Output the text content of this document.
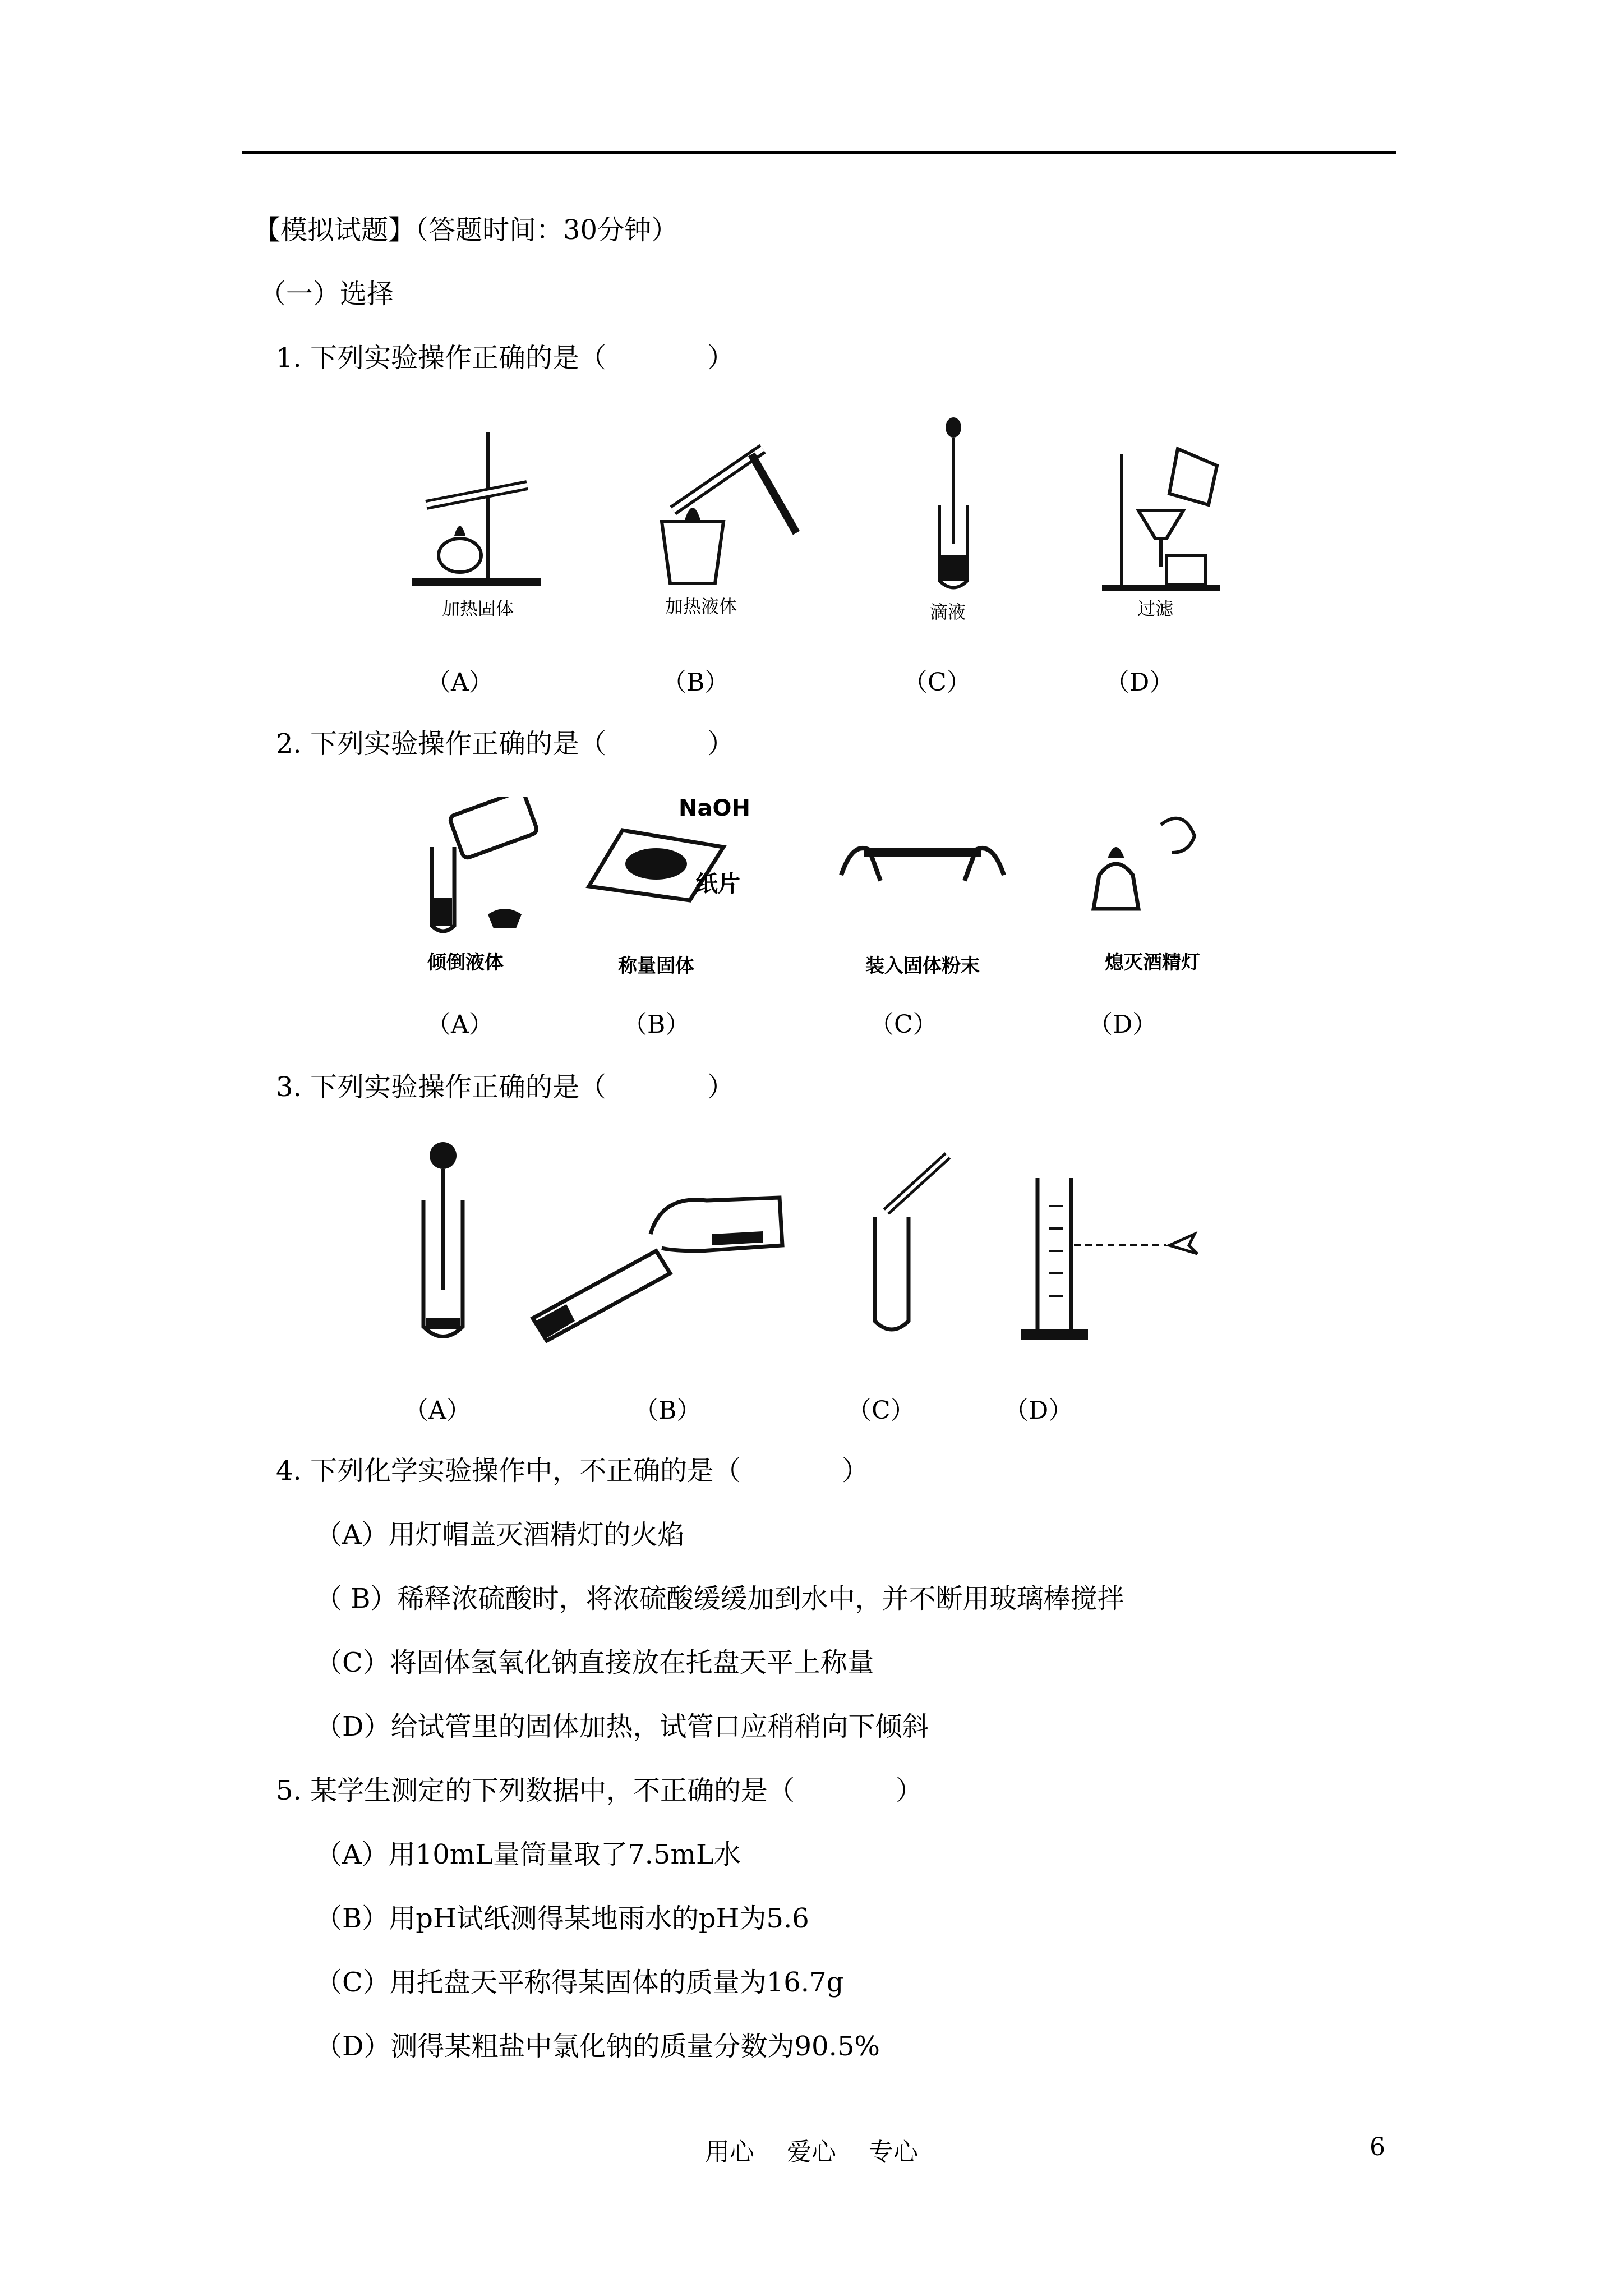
【模拟试题】（答题时间：30分钟）
（一）选择
1. 下列实验操作正确的是（	）
加热固体	加热液体	滴液	过滤
（A）	（B）	（C）	（D）
2. 下列实验操作正确的是（	）
NaOH
纸片
倾倒液体	称量固体	装入固体粉末	熄灭酒精灯
（A）	（B）	（C）	（D）
3. 下列实验操作正确的是（	）
（A）	（B）	（C）	（D）
4. 下列化学实验操作中，不正确的是（	）
（A）用灯帽盖灭酒精灯的火焰
（ B）稀释浓硫酸时，将浓硫酸缓缓加到水中，并不断用玻璃棒搅拌
（C）将固体氢氧化钠直接放在托盘天平上称量
（D）给试管里的固体加热，试管口应稍稍向下倾斜
5. 某学生测定的下列数据中，不正确的是（	）
（A）用10mL量筒量取了7.5mL水
（B）用pH试纸测得某地雨水的pH为5.6
（C）用托盘天平称得某固体的质量为16.7g
（D）测得某粗盐中氯化钠的质量分数为90.5%
用心 爱心 专心	6
